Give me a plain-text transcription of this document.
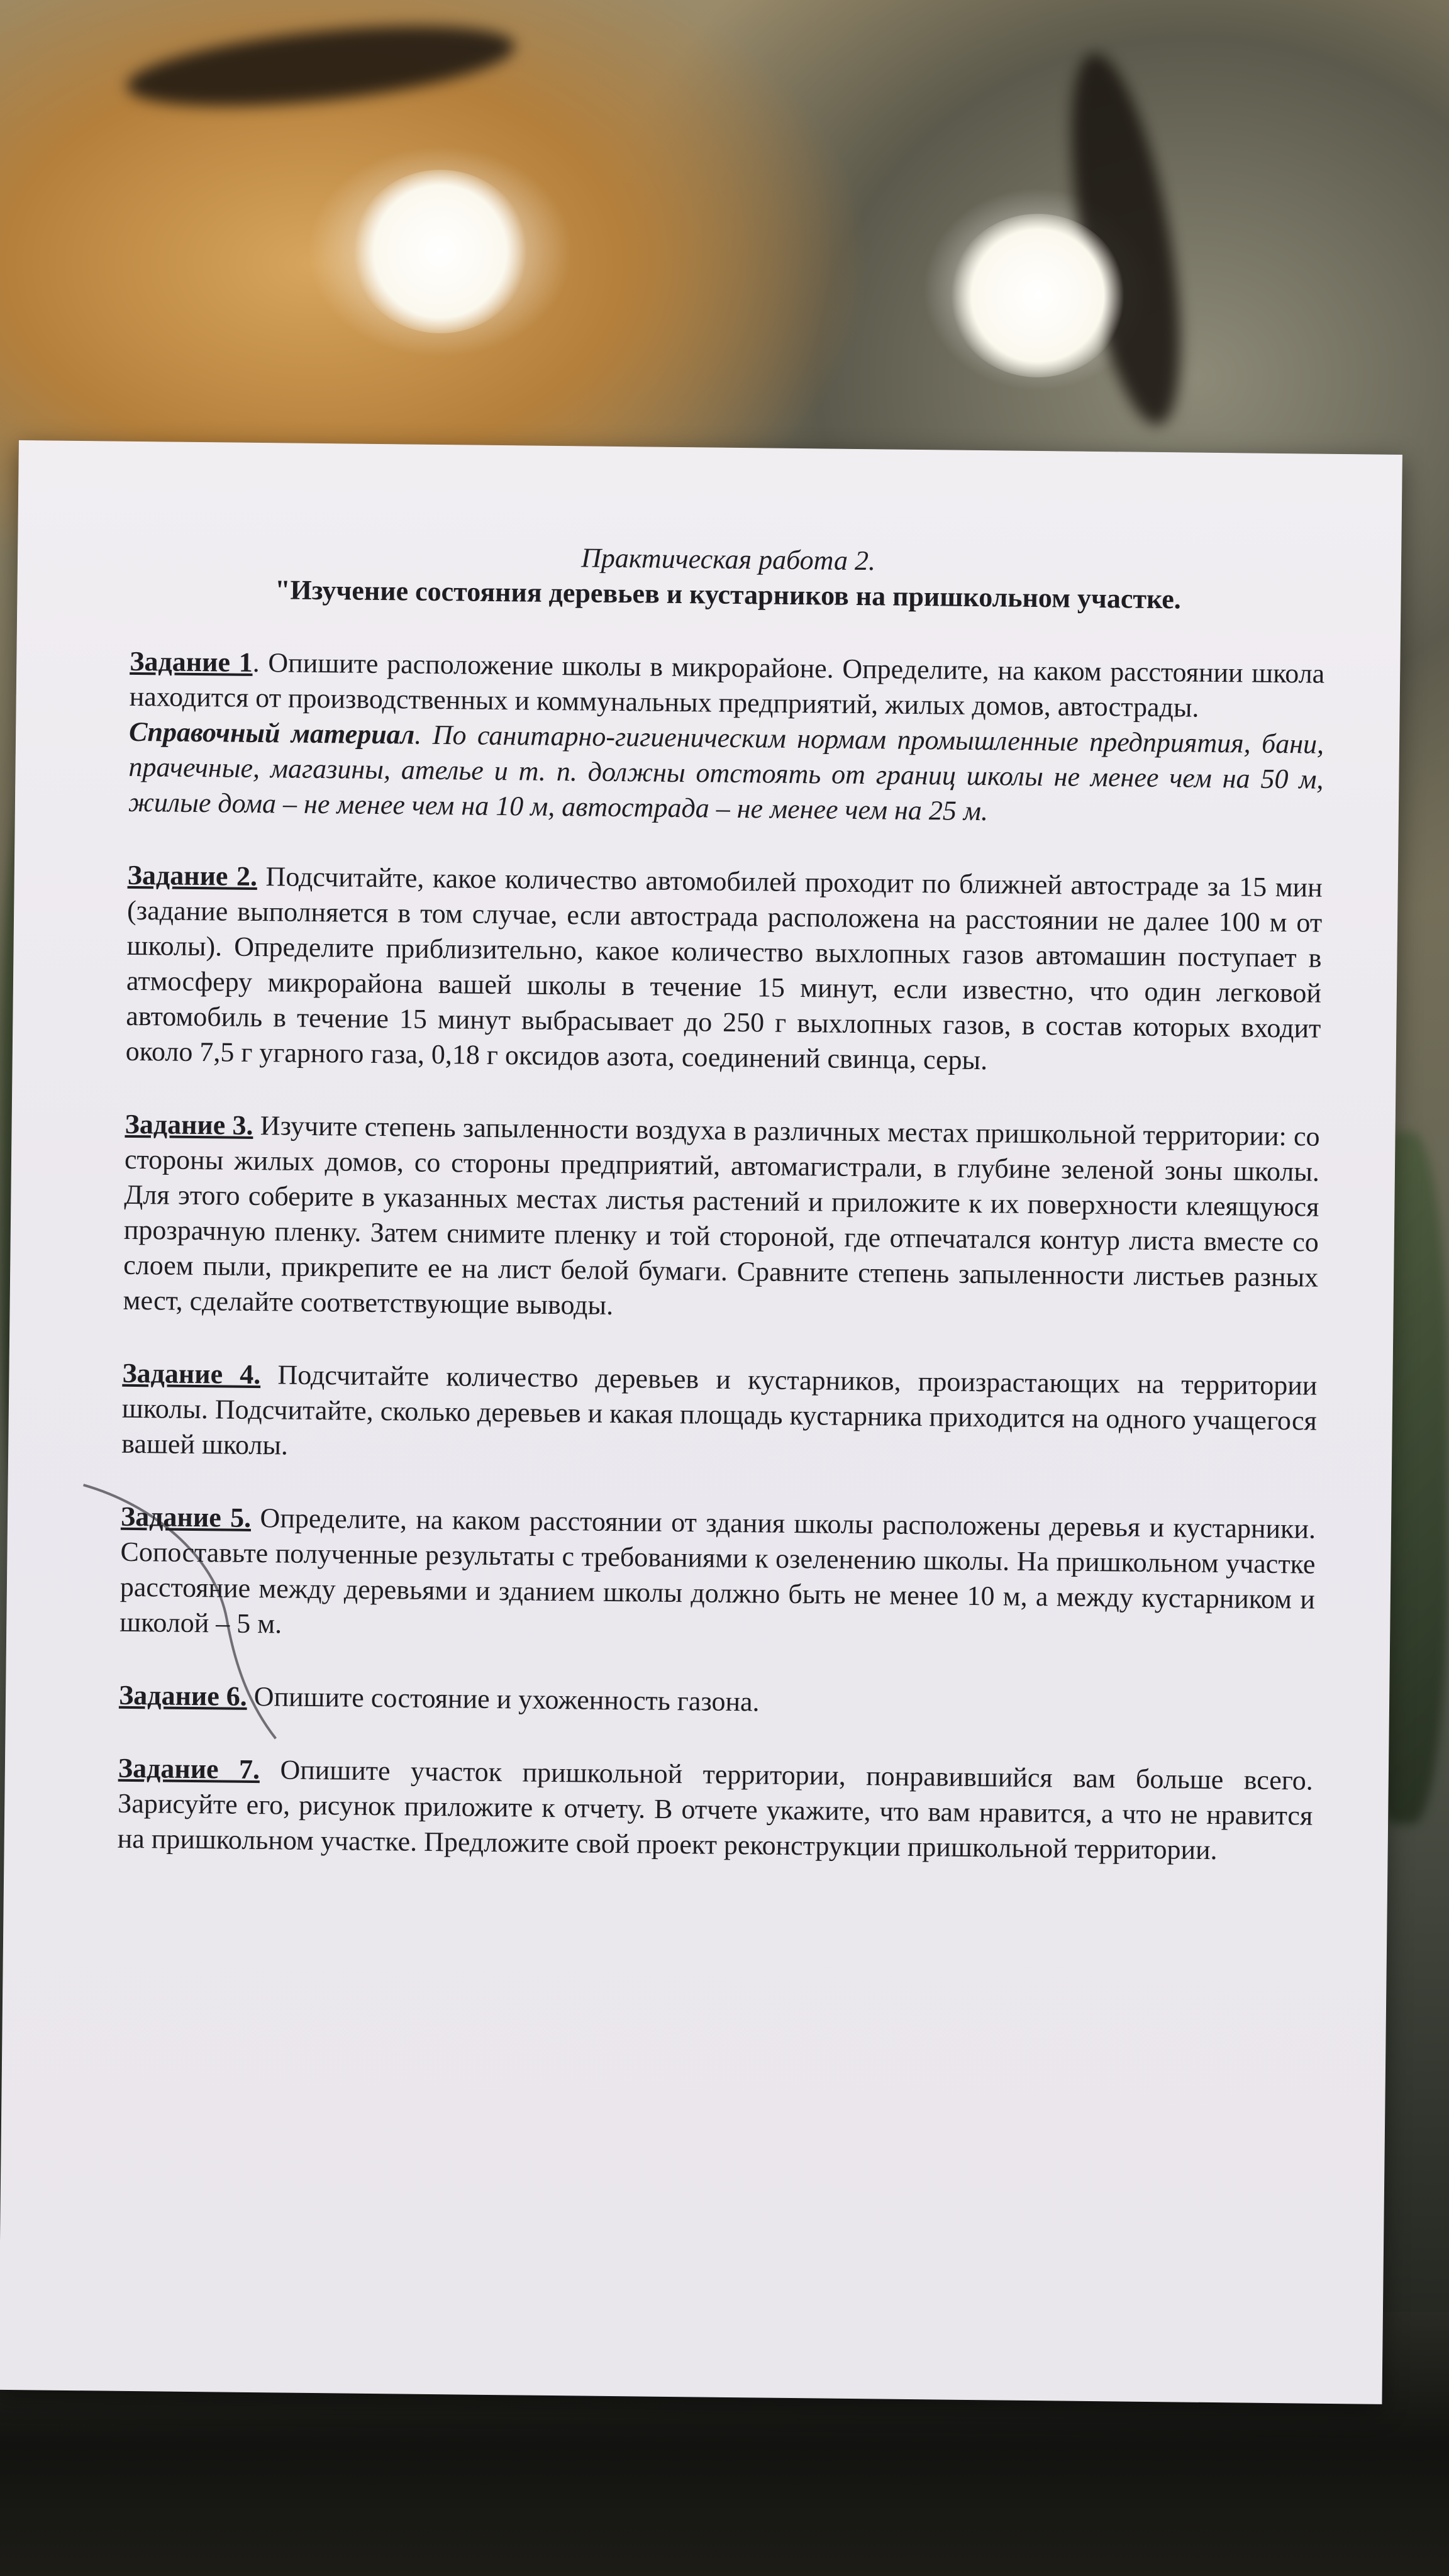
Практическая работа 2.
"Изучение состояния деревьев и кустарников на пришкольном участке.
Задание 1. Опишите расположение школы в микрорайоне. Определите, на каком расстоянии школа находится от производственных и коммунальных предприятий, жилых домов, автострады.
Справочный материал. По санитарно-гигиеническим нормам промышленные предприятия, бани, прачечные, магазины, ателье и т. п. должны отстоять от границ школы не менее чем на 50 м, жилые дома – не менее чем на 10 м, автострада – не менее чем на 25 м.
Задание 2. Подсчитайте, какое количество автомобилей проходит по ближней автостраде за 15 мин (задание выполняется в том случае, если автострада расположена на расстоянии не далее 100 м от школы). Определите приблизительно, какое количество выхлопных газов автомашин поступает в атмосферу микрорайона вашей школы в течение 15 минут, если известно, что один легковой автомобиль в течение 15 минут выбрасывает до 250 г выхлопных газов, в состав которых входит около 7,5 г угарного газа, 0,18 г оксидов азота, соединений свинца, серы.
Задание 3. Изучите степень запыленности воздуха в различных местах пришкольной территории: со стороны жилых домов, со стороны предприятий, автомагистрали, в глубине зеленой зоны школы. Для этого соберите в указанных местах листья растений и приложите к их поверхности клеящуюся прозрачную пленку. Затем снимите пленку и той стороной, где отпечатался контур листа вместе со слоем пыли, прикрепите ее на лист белой бумаги. Сравните степень запыленности листьев разных мест, сделайте соответствующие выводы.
Задание 4. Подсчитайте количество деревьев и кустарников, произрастающих на территории школы. Подсчитайте, сколько деревьев и какая площадь кустарника приходится на одного учащегося вашей школы.
Задание 5. Определите, на каком расстоянии от здания школы расположены деревья и кустарники. Сопоставьте полученные результаты с требованиями к озеленению школы. На пришкольном участке расстояние между деревьями и зданием школы должно быть не менее 10 м, а между кустарником и школой – 5 м.
Задание 6. Опишите состояние и ухоженность газона.
Задание 7. Опишите участок пришкольной территории, понравившийся вам больше всего. Зарисуйте его, рисунок приложите к отчету. В отчете укажите, что вам нравится, а что не нравится на пришкольном участке. Предложите свой проект реконструкции пришкольной территории.
